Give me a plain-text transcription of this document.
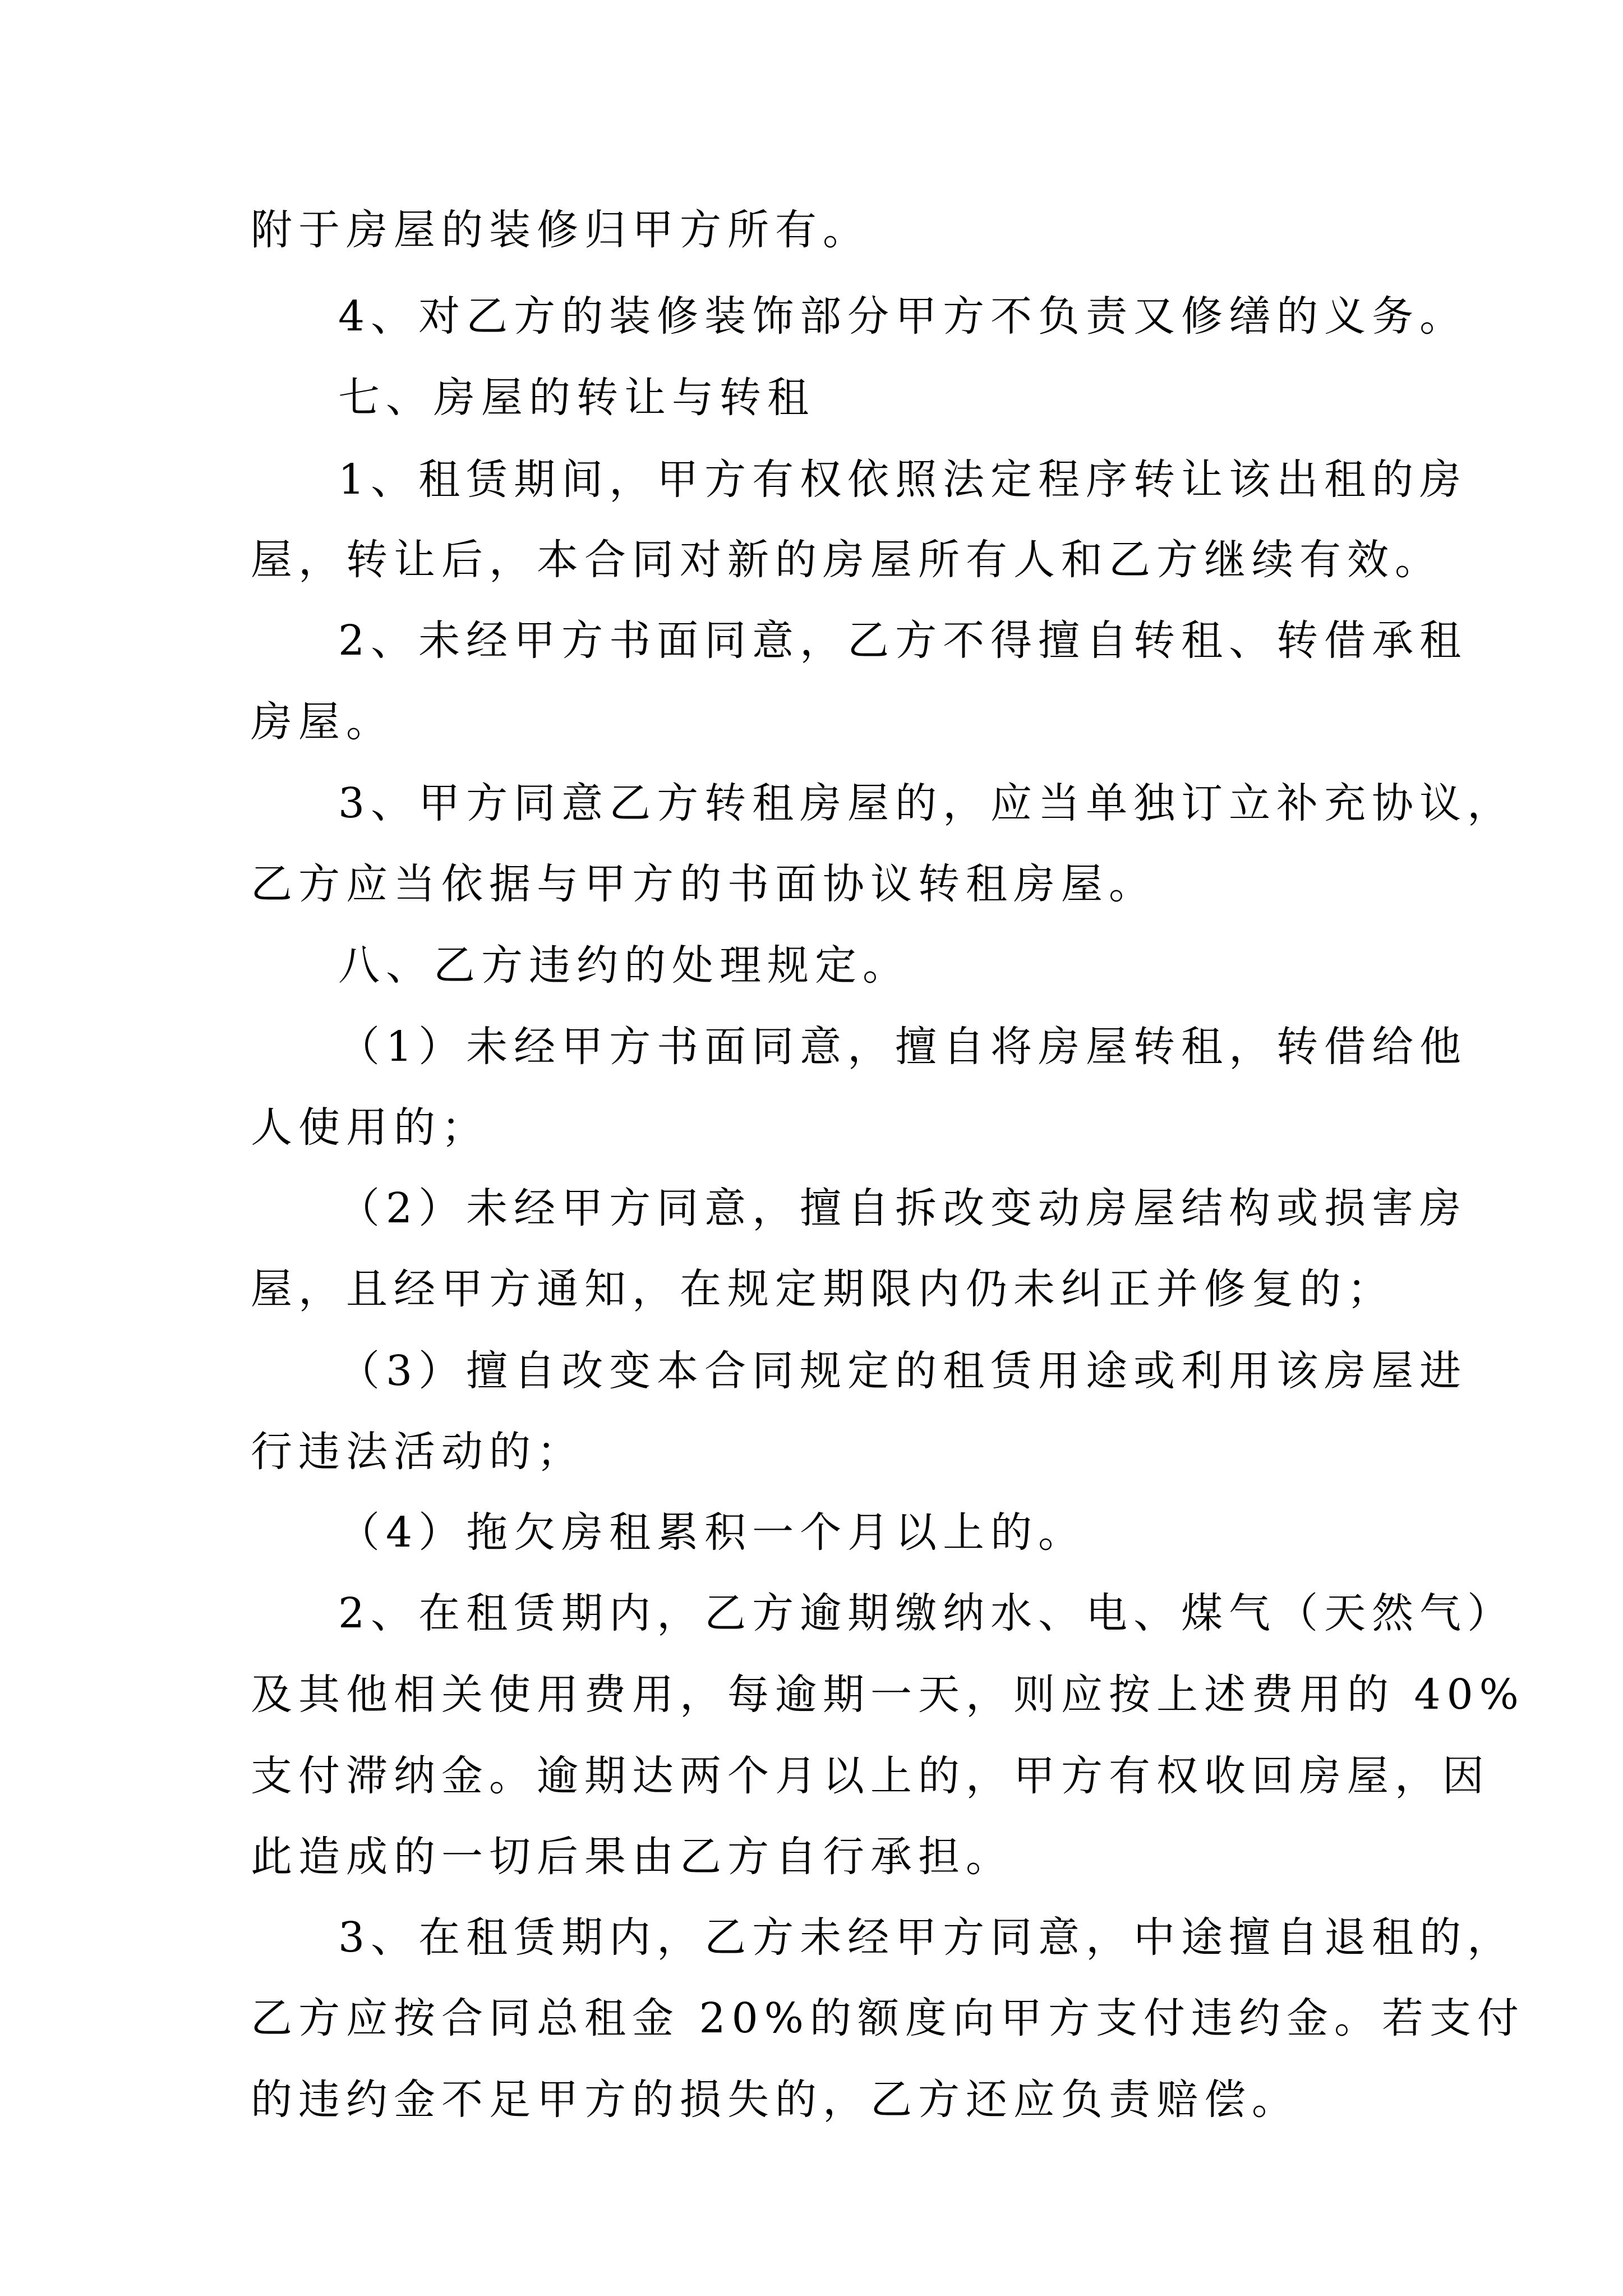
附于房屋的装修归甲方所有。
4、对乙方的装修装饰部分甲方不负责又修缮的义务。
七、房屋的转让与转租
1、租赁期间，甲方有权依照法定程序转让该出租的房
屋，转让后，本合同对新的房屋所有人和乙方继续有效。
2、未经甲方书面同意，乙方不得擅自转租、转借承租
房屋。
3、甲方同意乙方转租房屋的，应当单独订立补充协议，
乙方应当依据与甲方的书面协议转租房屋。
八、乙方违约的处理规定。
（1）未经甲方书面同意，擅自将房屋转租，转借给他
人使用的；
（2）未经甲方同意，擅自拆改变动房屋结构或损害房
屋，且经甲方通知，在规定期限内仍未纠正并修复的；
（3）擅自改变本合同规定的租赁用途或利用该房屋进
行违法活动的；
（4）拖欠房租累积一个月以上的。
2、在租赁期内，乙方逾期缴纳水、电、煤气（天然气）
及其他相关使用费用，每逾期一天，则应按上述费用的 40%
支付滞纳金。逾期达两个月以上的，甲方有权收回房屋，因
此造成的一切后果由乙方自行承担。
3、在租赁期内，乙方未经甲方同意，中途擅自退租的，
乙方应按合同总租金 20%的额度向甲方支付违约金。若支付
的违约金不足甲方的损失的，乙方还应负责赔偿。
